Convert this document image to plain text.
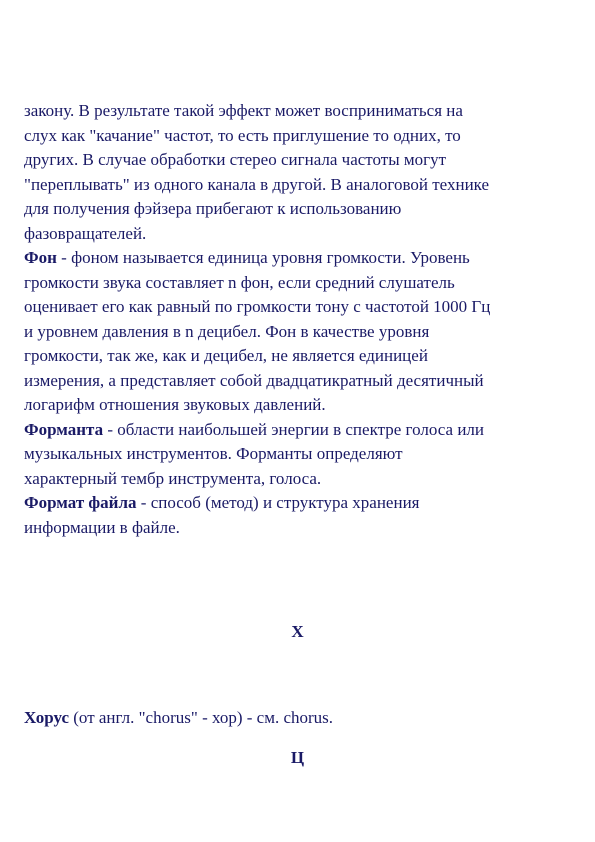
закону. В результате такой эффект может восприниматься на
слух как "качание" частот, то есть приглушение то одних, то
других. В случае обработки стерео сигнала частоты могут
"переплывать" из одного канала в другой. В аналоговой технике
для получения фэйзера прибегают к использованию
фазовращателей.
Фон - фоном называется единица уровня громкости. Уровень
громкости звука составляет n фон, если средний слушатель
оценивает его как равный по громкости тону с частотой 1000 Гц
и уровнем давления в n децибел. Фон в качестве уровня
громкости, так же, как и децибел, не является единицей
измерения, а представляет собой двадцатикратный десятичный
логарифм отношения звуковых давлений.
Форманта - области наибольшей энергии в спектре голоса или
музыкальных инструментов. Форманты определяют
характерный тембр инструмента, голоса.
Формат файла - способ (метод) и структура хранения
информации в файле.
Х
Хорус (от англ. "chorus" - хор) - см. chorus.
Ц
